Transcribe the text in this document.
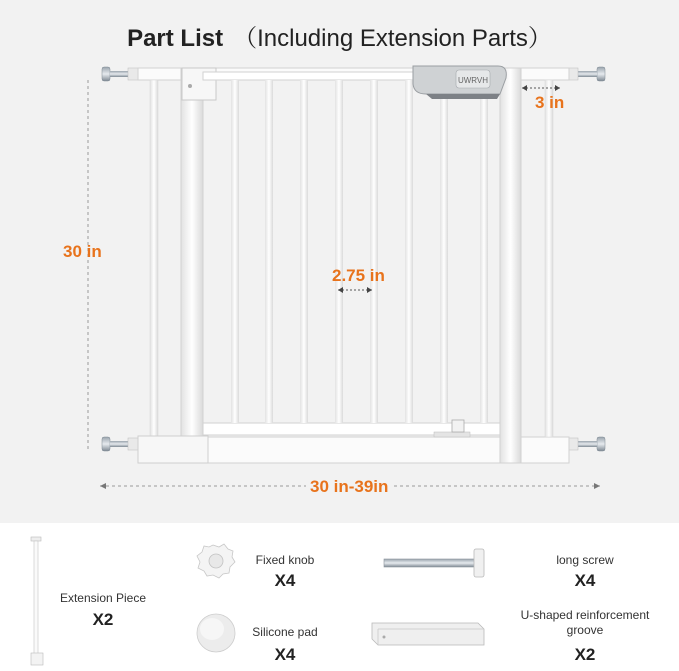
Part List （Including Extension Parts）
UWRVH
30 in
2.75 in
3 in
30 in-39in
Extension Piece
X2
Fixed knob
X4
Silicone pad
X4
long screw
X4
U-shaped reinforcement groove
X2
